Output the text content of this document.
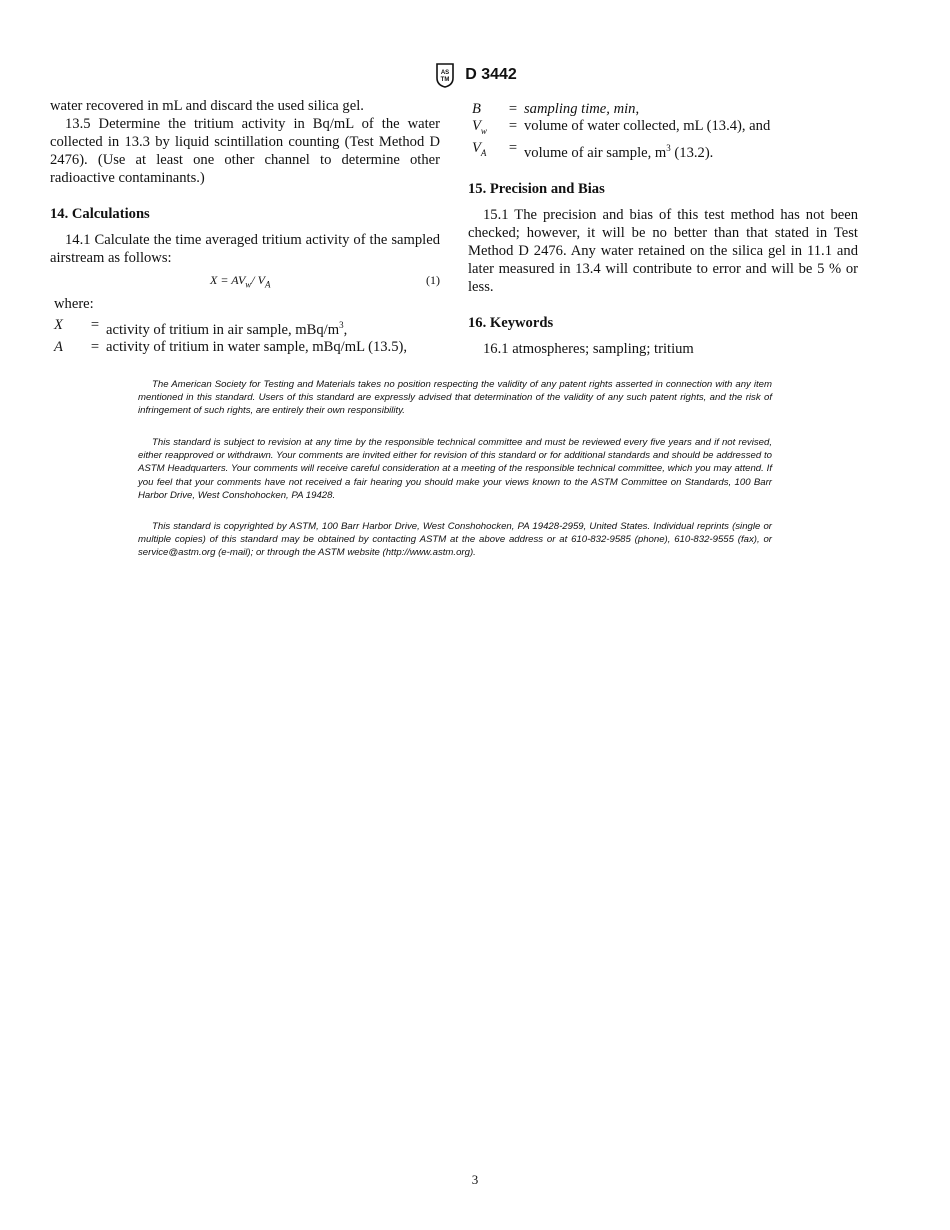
AS
TM D 3442

water recovered in mL and discard the used silica gel.

13.5 Determine the tritium activity in Bq/mL of the water collected in 13.3 by liquid scintillation counting (Test Method D 2476). (Use at least one other channel to determine other radioactive contaminants.)

14. Calculations

14.1 Calculate the time averaged tritium activity of the sampled airstream as follows:

$X = AV_w/$ $V_A$	(1)
where:
X	= activity of tritium in air sample, mBq/$m^3$,
A	= activity of tritium in water sample, mBq/mL (13.5),
B	= sampling time, min,
$V_w$	= volume of water collected, mL (13.4), and
$V_A$	= volume of air sample, $m^3$ (13.2).
15. Precision and Bias

15.1 The precision and bias of this test method has not been checked; however, it will be no better than that stated in Test Method D 2476. Any water retained on the silica gel in 11.1 and later measured in 13.4 will contribute to error and will be 5 % or less.

16. Keywords

16.1 atmospheres; sampling; tritium

The American Society for Testing and Materials takes no position respecting the validity of any patent rights asserted in connection with any item mentioned in this standard. Users of this standard are expressly advised that determination of the validity of any such patent rights, and the risk of infringement of such rights, are entirely their own responsibility.

This standard is subject to revision at any time by the responsible technical committee and must be reviewed every five years and if not revised, either reapproved or withdrawn. Your comments are invited either for revision of this standard or for additional standards and should be addressed to ASTM Headquarters. Your comments will receive careful consideration at a meeting of the responsible technical committee, which you may attend. If you feel that your comments have not received a fair hearing you should make your views known to the ASTM Committee on Standards, 100 Barr Harbor Drive, West Conshohocken, PA 19428.

This standard is copyrighted by ASTM, 100 Barr Harbor Drive, West Conshohocken, PA 19428-2959, United States. Individual reprints (single or multiple copies) of this standard may be obtained by contacting ASTM at the above address or at 610-832-9585 (phone), 610-832-9555 (fax), or service@astm.org (e-mail); or through the ASTM website (http://www.astm.org).

3
